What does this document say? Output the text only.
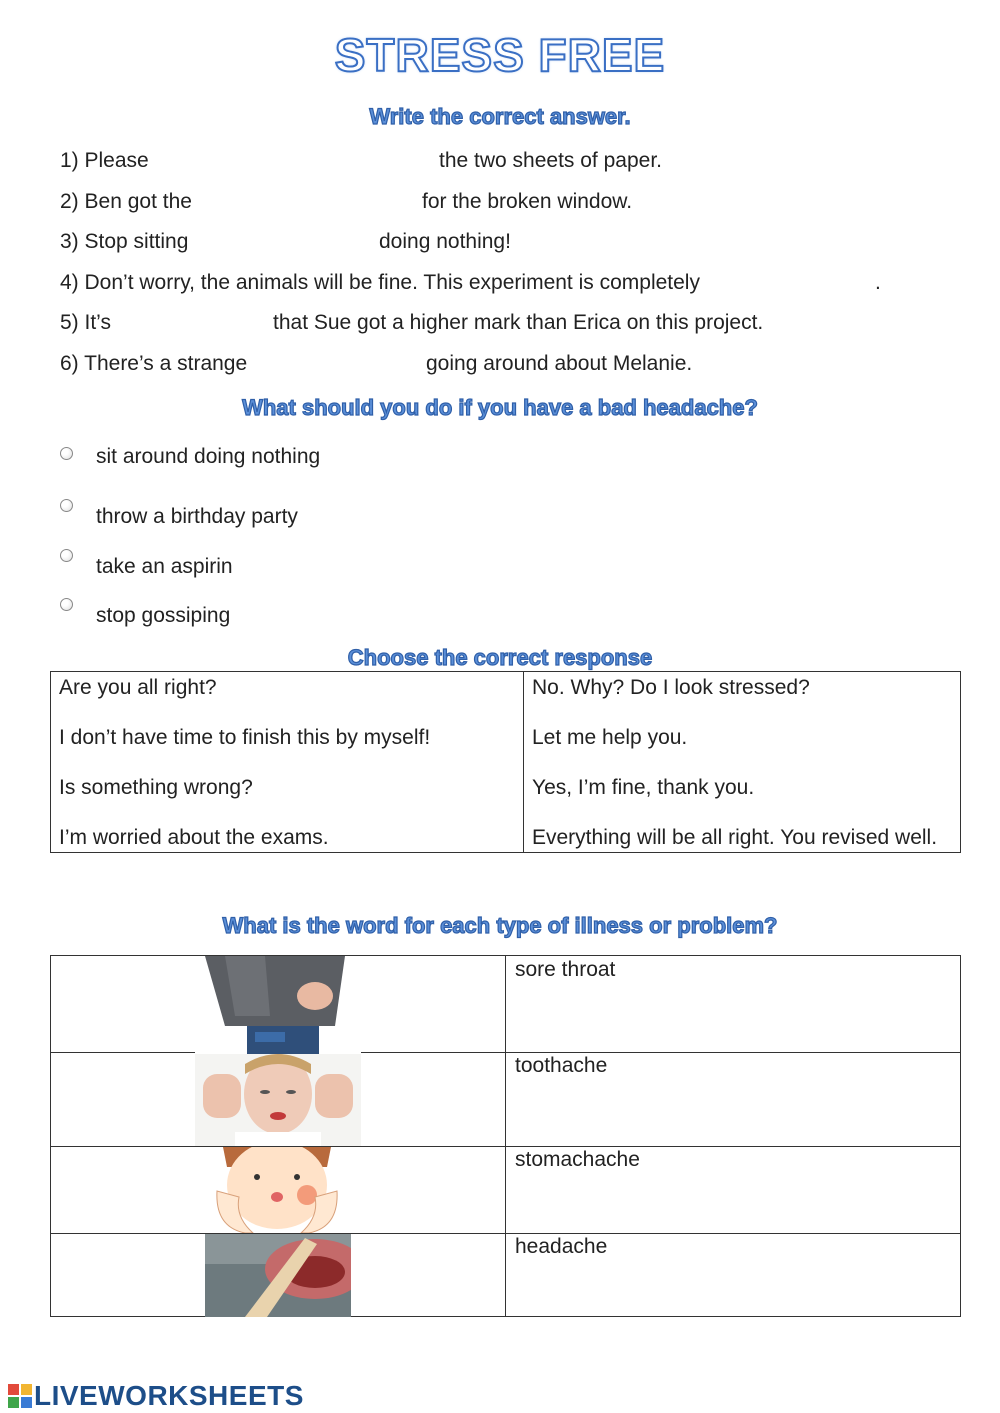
STRESS FREE
Write the correct answer.
1) Please	the two sheets of paper.
2) Ben got the	for the broken window.
3) Stop sitting	doing nothing!
4) Don’t worry, the animals will be fine. This experiment is completely	.
5) It’s	that Sue got a higher mark than Erica on this project.
6) There’s a strange	going around about Melanie.
What should you do if you have a bad headache?
sit around doing nothing
throw a birthday party
take an aspirin
stop gossiping
Choose the correct response
Are you all right?
I don’t have time to finish this by myself!
Is something wrong?
I’m worried about the exams.

No. Why? Do I look stressed?
Let me help you.
Yes, I’m fine, thank you.
Everything will be all right. You revised well.
What is the word for each type of illness or problem?
sore throat
toothache
stomachache
headache
LIVEWORKSHEETS
